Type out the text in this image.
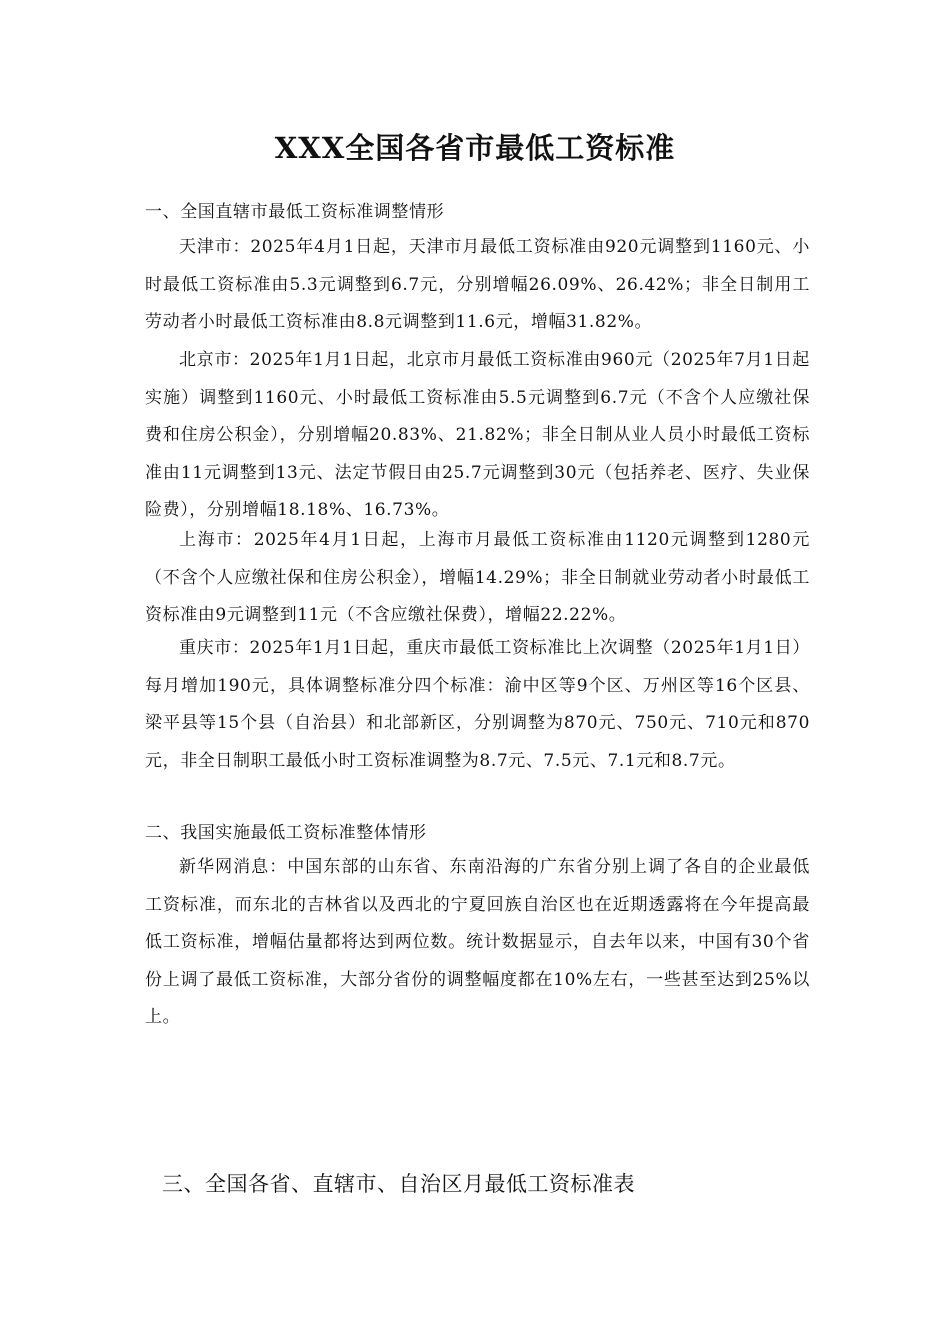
XXX全国各省市最低工资标准
一、全国直辖市最低工资标准调整情形
天津市：2025年4月1日起，天津市月最低工资标准由920元调整到1160元、小时最低工资标准由5.3元调整到6.7元，分别增幅26.09%、26.42%；非全日制用工劳动者小时最低工资标准由8.8元调整到11.6元，增幅31.82%。
北京市：2025年1月1日起，北京市月最低工资标准由960元（2025年7月1日起实施）调整到1160元、小时最低工资标准由5.5元调整到6.7元（不含个人应缴社保费和住房公积金），分别增幅20.83%、21.82%；非全日制从业人员小时最低工资标准由11元调整到13元、法定节假日由25.7元调整到30元（包括养老、医疗、失业保险费），分别增幅18.18%、16.73%。
上海市：2025年4月1日起，上海市月最低工资标准由1120元调整到1280元（不含个人应缴社保和住房公积金），增幅14.29%；非全日制就业劳动者小时最低工资标准由9元调整到11元（不含应缴社保费），增幅22.22%。
重庆市：2025年1月1日起，重庆市最低工资标准比上次调整（2025年1月1日）每月增加190元，具体调整标准分四个标准：渝中区等9个区、万州区等16个区县、梁平县等15个县（自治县）和北部新区，分别调整为870元、750元、710元和870元，非全日制职工最低小时工资标准调整为8.7元、7.5元、7.1元和8.7元。
二、我国实施最低工资标准整体情形
新华网消息：中国东部的山东省、东南沿海的广东省分别上调了各自的企业最低工资标准，而东北的吉林省以及西北的宁夏回族自治区也在近期透露将在今年提高最低工资标准，增幅估量都将达到两位数。统计数据显示，自去年以来，中国有30个省份上调了最低工资标准，大部分省份的调整幅度都在10%左右，一些甚至达到25%以上。
三、全国各省、直辖市、自治区月最低工资标准表
